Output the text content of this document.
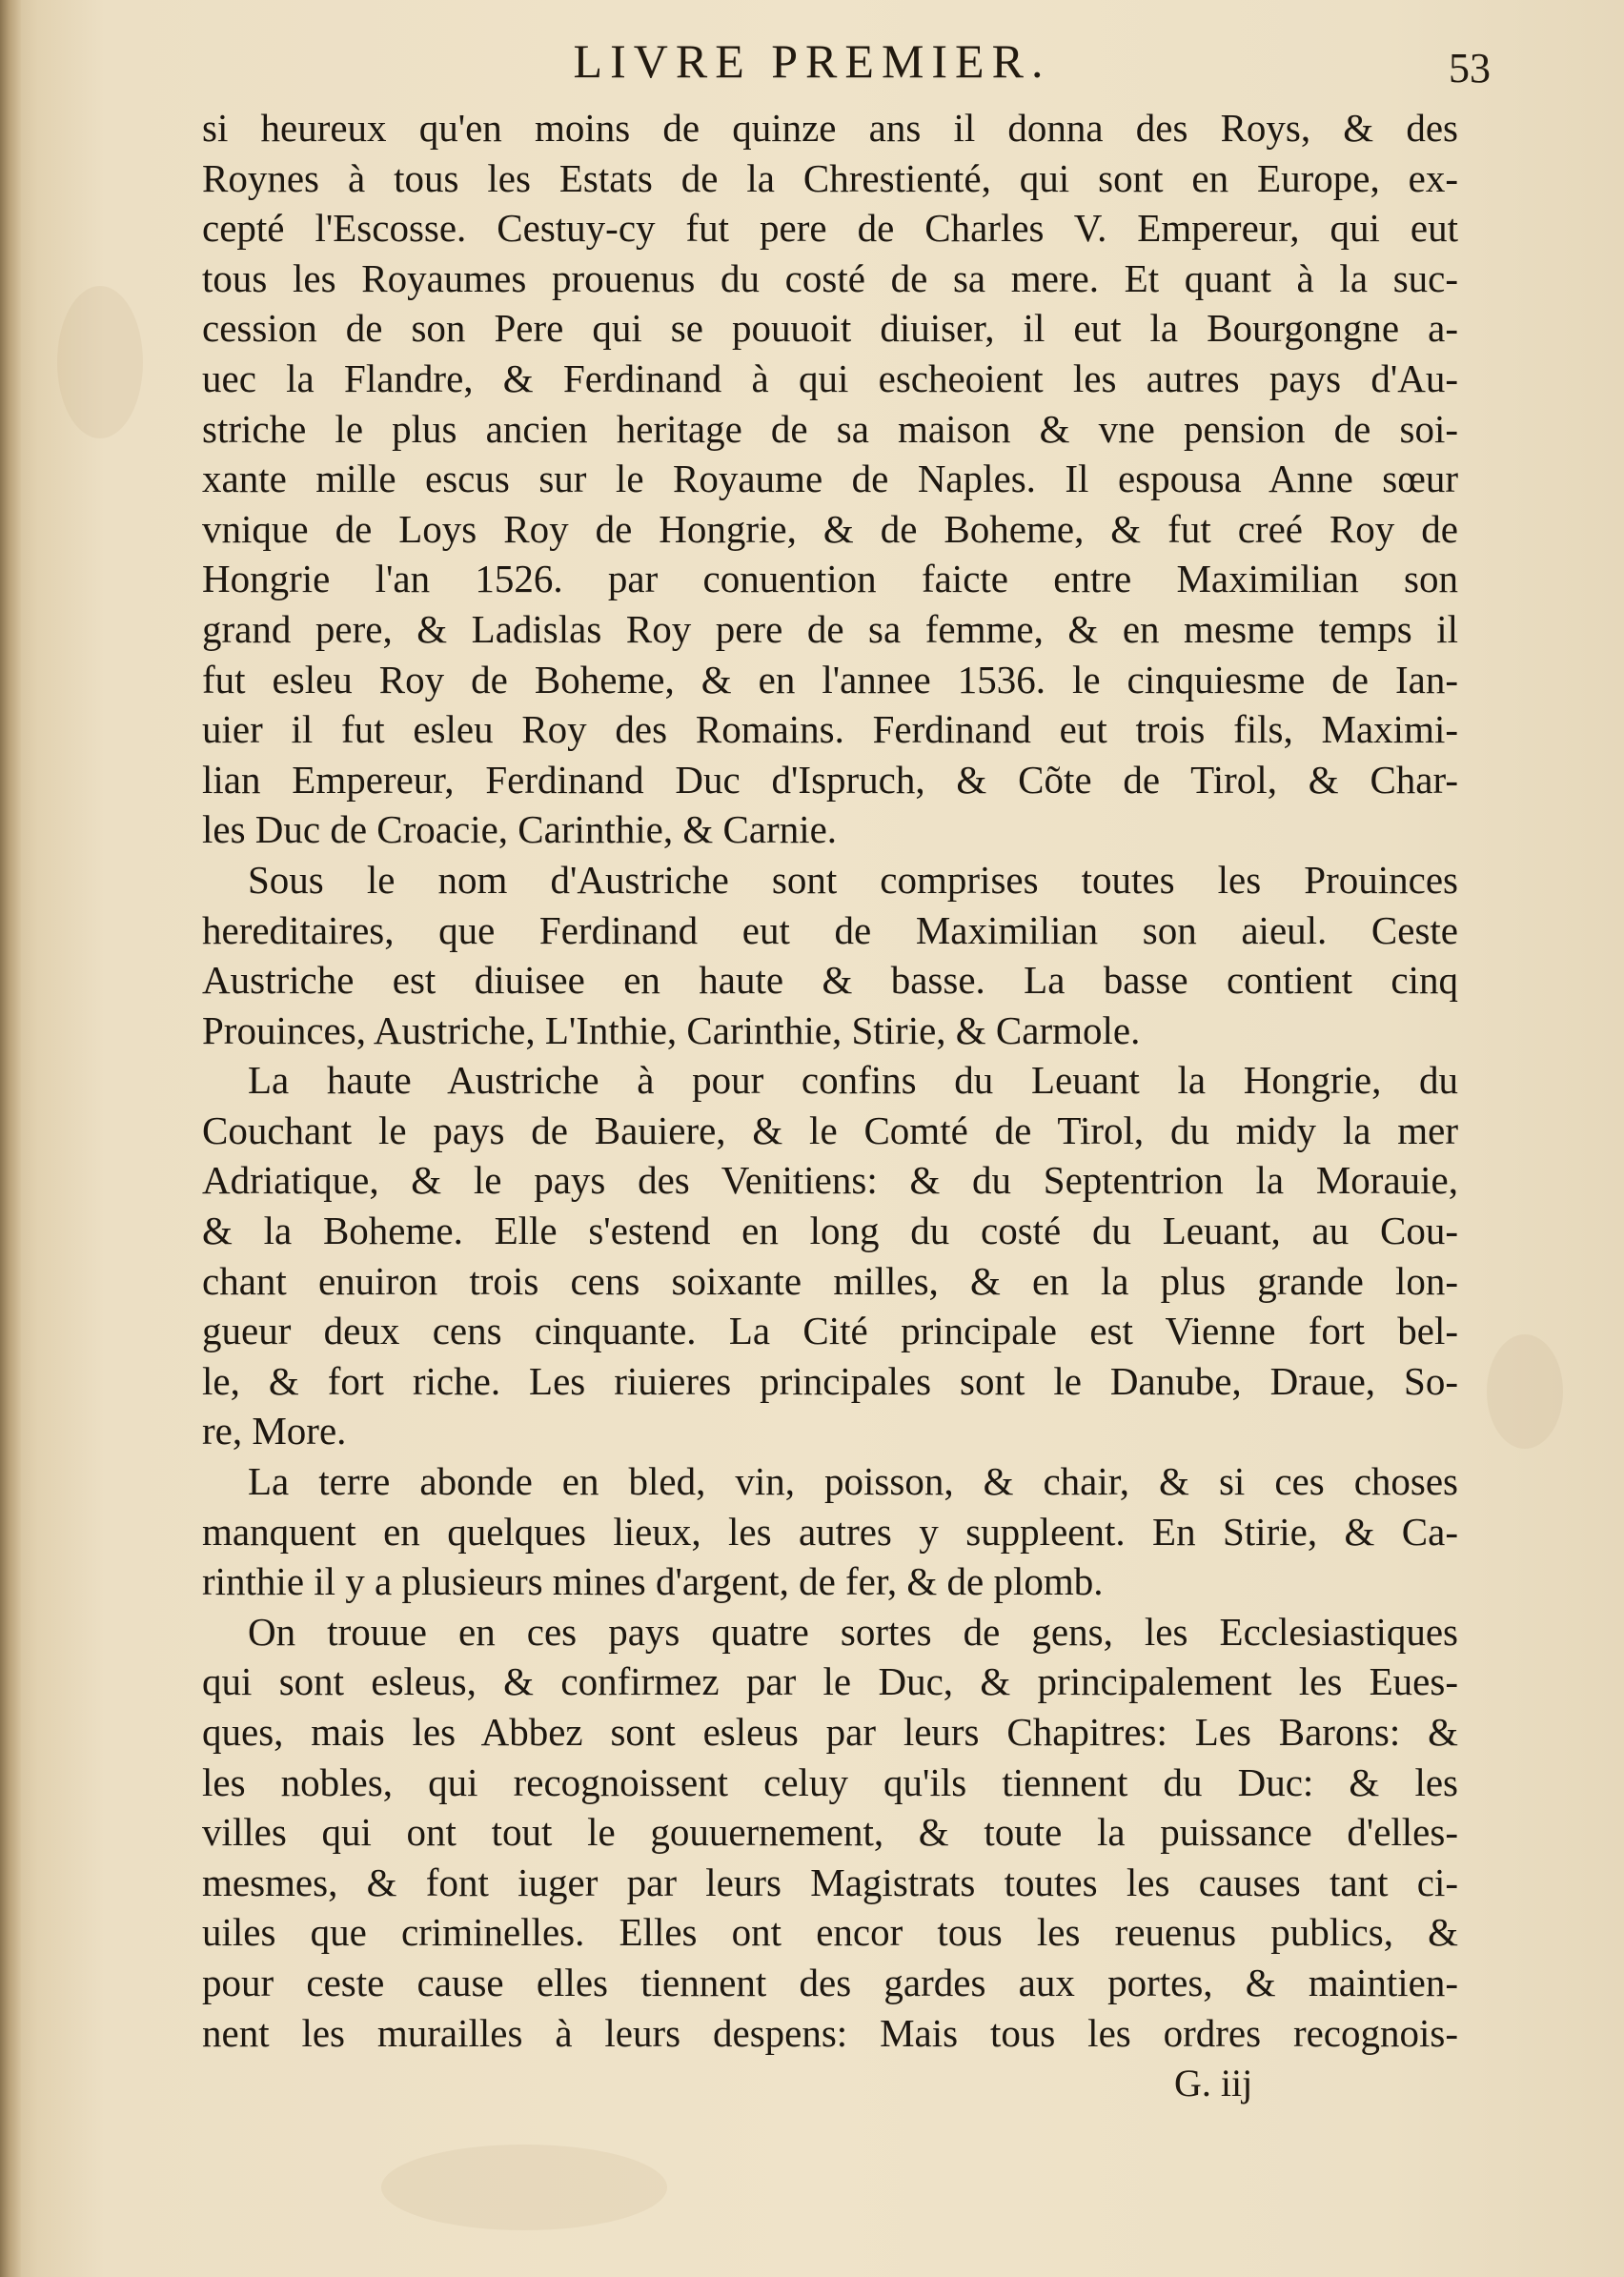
LIVRE PREMIER.	53
si heureux qu'en moins de quinze ans il donna des Roys, & des
Roynes à tous les Estats de la Chrestienté, qui sont en Europe, ex-
cepté l'Escosse. Cestuy-cy fut pere de Charles V. Empereur, qui eut
tous les Royaumes prouenus du costé de sa mere. Et quant à la suc-
cession de son Pere qui se pouuoit diuiser, il eut la Bourgongne a-
uec la Flandre, & Ferdinand à qui escheoient les autres pays d'Au-
striche le plus ancien heritage de sa maison & vne pension de soi-
xante mille escus sur le Royaume de Naples. Il espousa Anne sœur
vnique de Loys Roy de Hongrie, & de Boheme, & fut creé Roy de
Hongrie l'an 1526. par conuention faicte entre Maximilian son
grand pere, & Ladislas Roy pere de sa femme, & en mesme temps il
fut esleu Roy de Boheme, & en l'annee 1536. le cinquiesme de Ian-
uier il fut esleu Roy des Romains. Ferdinand eut trois fils, Maximi-
lian Empereur, Ferdinand Duc d'Ispruch, & Cõte de Tirol, & Char-
les Duc de Croacie, Carinthie, & Carnie.
Sous le nom d'Austriche sont comprises toutes les Prouinces
hereditaires, que Ferdinand eut de Maximilian son aieul. Ceste
Austriche est diuisee en haute & basse. La basse contient cinq
Prouinces, Austriche, L'Inthie, Carinthie, Stirie, & Carmole.
La haute Austriche à pour confins du Leuant la Hongrie, du
Couchant le pays de Bauiere, & le Comté de Tirol, du midy la mer
Adriatique, & le pays des Venitiens: & du Septentrion la Morauie,
& la Boheme. Elle s'estend en long du costé du Leuant, au Cou-
chant enuiron trois cens soixante milles, & en la plus grande lon-
gueur deux cens cinquante. La Cité principale est Vienne fort bel-
le, & fort riche. Les riuieres principales sont le Danube, Draue, So-
re, More.
La terre abonde en bled, vin, poisson, & chair, & si ces choses
manquent en quelques lieux, les autres y suppleent. En Stirie, & Ca-
rinthie il y a plusieurs mines d'argent, de fer, & de plomb.
On trouue en ces pays quatre sortes de gens, les Ecclesiastiques
qui sont esleus, & confirmez par le Duc, & principalement les Eues-
ques, mais les Abbez sont esleus par leurs Chapitres: Les Barons: &
les nobles, qui recognoissent celuy qu'ils tiennent du Duc: & les
villes qui ont tout le gouuernement, & toute la puissance d'elles-
mesmes, & font iuger par leurs Magistrats toutes les causes tant ci-
uiles que criminelles. Elles ont encor tous les reuenus publics, &
pour ceste cause elles tiennent des gardes aux portes, & maintien-
nent les murailles à leurs despens: Mais tous les ordres recognois-
G. iij
